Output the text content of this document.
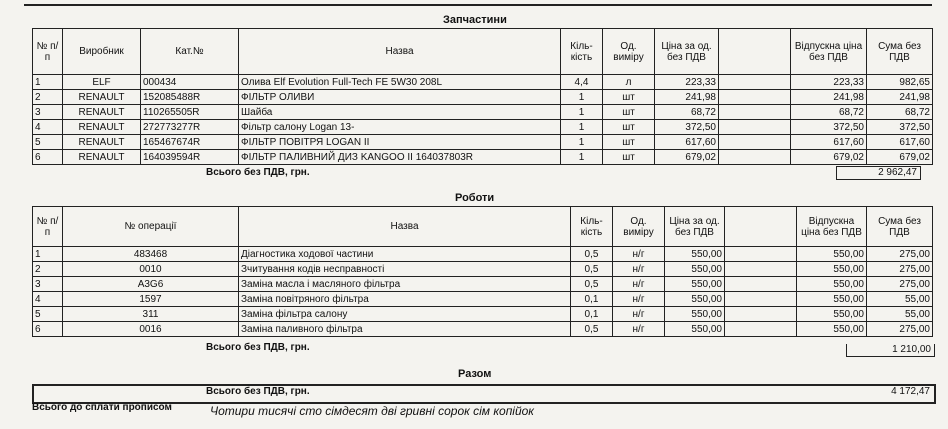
Запчастини
№ п/п	Виробник	Кат.№	Назва	Кіль-кість	Од. виміру	Ціна за од. без ПДВ		Відпускна ціна без ПДВ	Сума без ПДВ
1	ELF	000434	Олива Elf Evolution Full-Tech FE 5W30 208L	4,4	л	223,33		223,33	982,65
2	RENAULT	152085488R	ФІЛЬТР ОЛИВИ	1	шт	241,98		241,98	241,98
3	RENAULT	110265505R	Шайба	1	шт	68,72		68,72	68,72
4	RENAULT	272773277R	Фільтр салону Logan 13-	1	шт	372,50		372,50	372,50
5	RENAULT	165467674R	ФІЛЬТР ПОВІТРЯ LOGAN II	1	шт	617,60		617,60	617,60
6	RENAULT	164039594R	ФІЛЬТР ПАЛИВНИЙ ДИЗ KANGOO II 164037803R	1	шт	679,02		679,02	679,02
Всього без ПДВ, грн.	2 962,47
Роботи
№ п/п	№ операції	Назва	Кіль-кість	Од. виміру	Ціна за од. без ПДВ		Відпускна ціна без ПДВ	Сума без ПДВ
1	483468	Діагностика ходової частини	0,5	н/г	550,00		550,00	275,00
2	0010	Зчитування кодів несправності	0,5	н/г	550,00		550,00	275,00
3	A3G6	Заміна масла і масляного фільтра	0,5	н/г	550,00		550,00	275,00
4	1597	Заміна повітряного фільтра	0,1	н/г	550,00		550,00	55,00
5	311	Заміна фільтра салону	0,1	н/г	550,00		550,00	55,00
6	0016	Заміна паливного фільтра	0,5	н/г	550,00		550,00	275,00
Всього без ПДВ, грн.	1 210,00
Разом
Всього без ПДВ, грн.	4 172,47
Всього до сплати прописом	Чотири тисячі сто сімдесят дві гривні сорок сім копійок
